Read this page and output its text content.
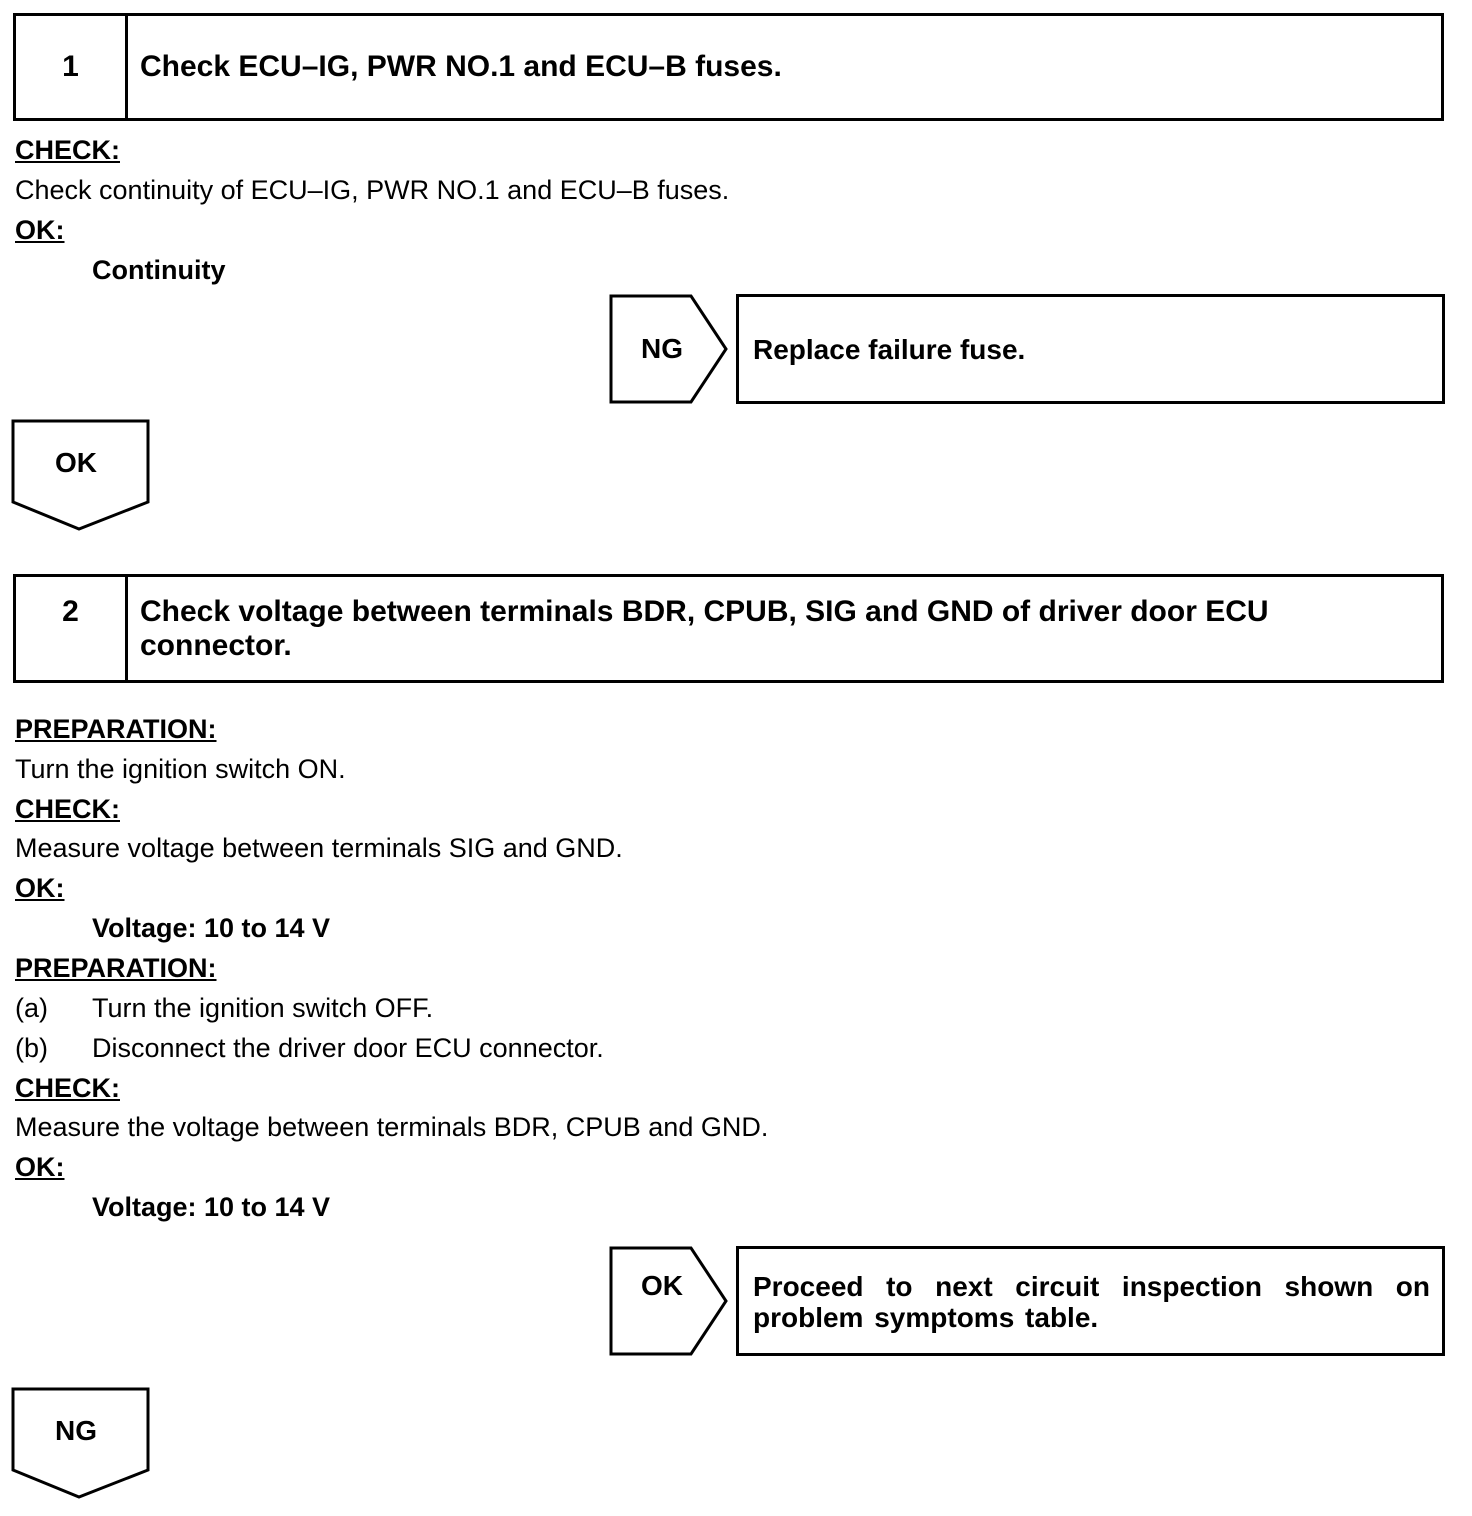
1	Check ECU–IG, PWR NO.1 and ECU–B fuses.
CHECK:
Check continuity of ECU–IG, PWR NO.1 and ECU–B fuses.
OK:
Continuity
NG	Replace failure fuse.
OK
2	Check voltage between terminals BDR, CPUB, SIG and GND of driver door ECU connector.
PREPARATION:
Turn the ignition switch ON.
CHECK:
Measure voltage between terminals SIG and GND.
OK:
Voltage: 10 to 14 V
PREPARATION:
(a) Turn the ignition switch OFF.
(b) Disconnect the driver door ECU connector.
CHECK:
Measure the voltage between terminals BDR, CPUB and GND.
OK:
Voltage: 10 to 14 V
OK	Proceed to next circuit inspection shown on problem symptoms table.
NG
